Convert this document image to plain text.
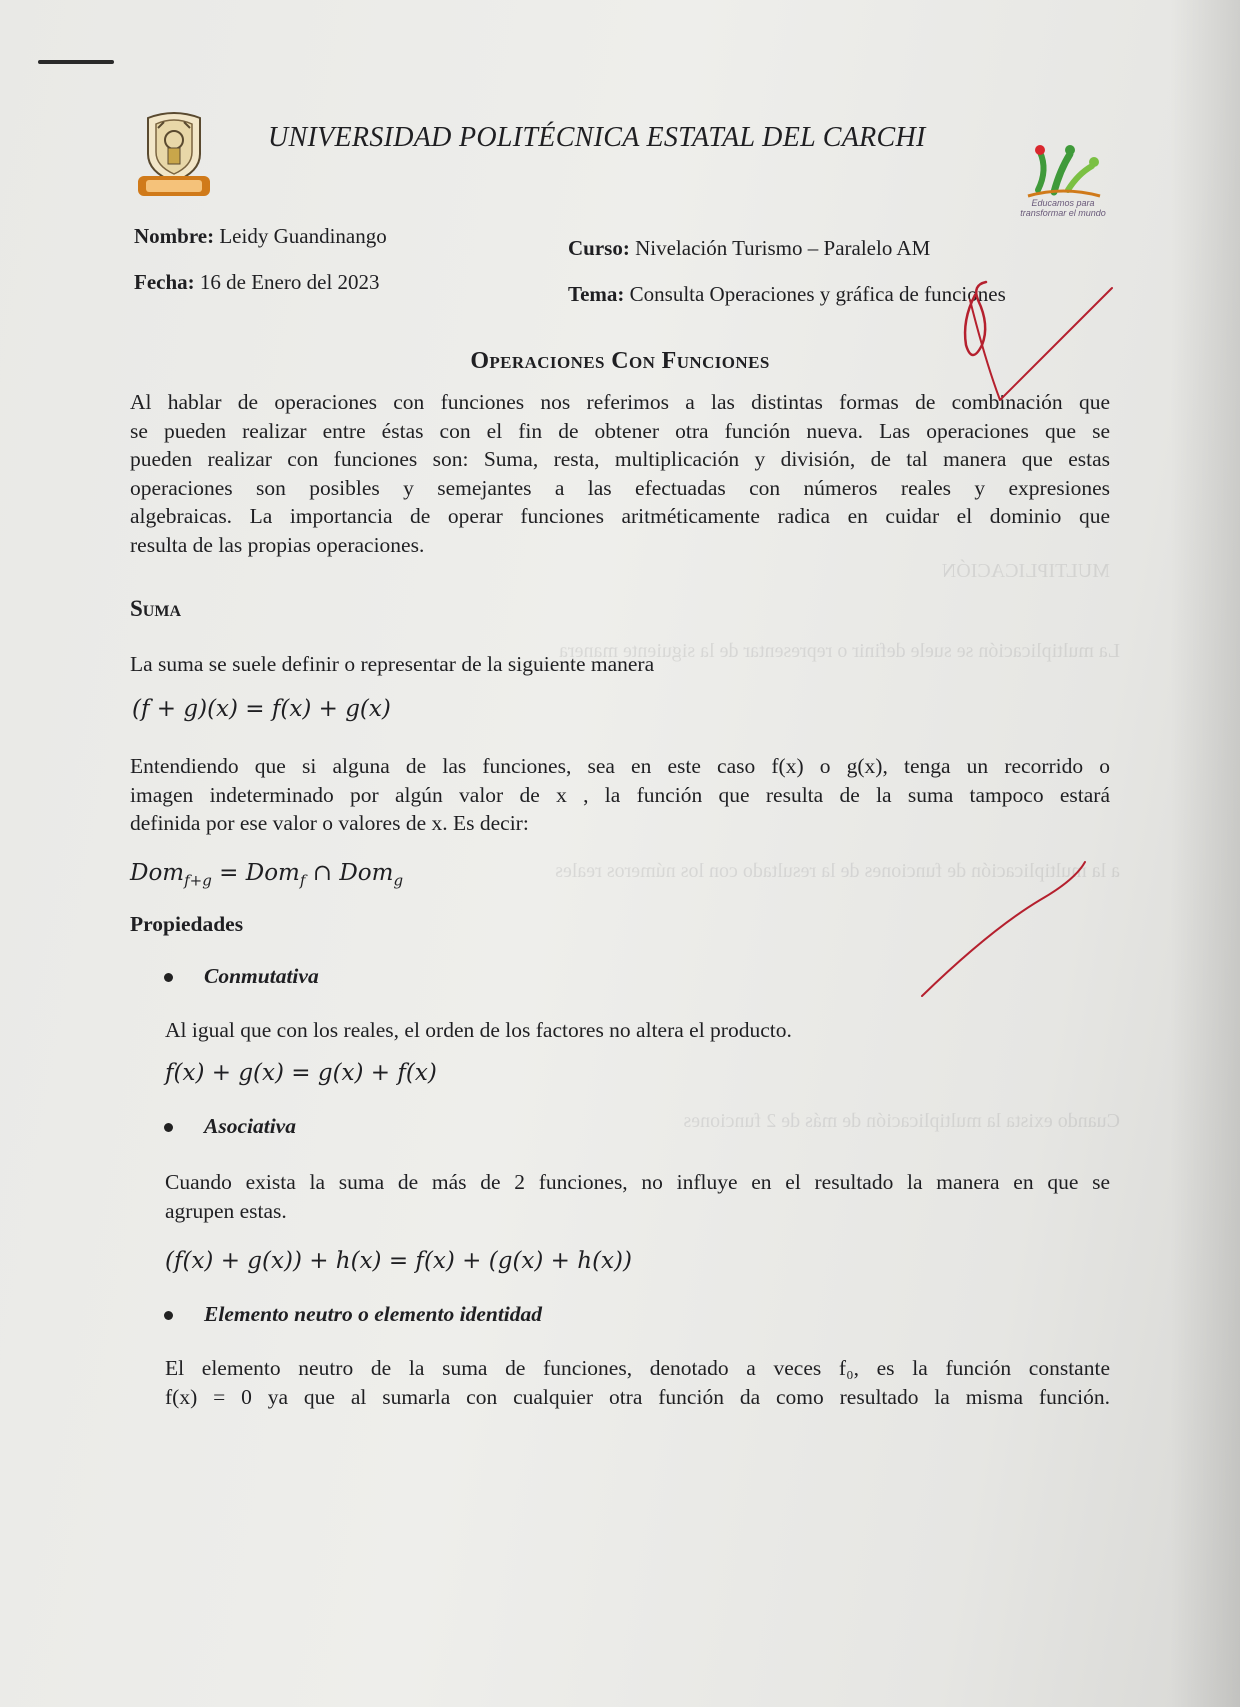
MULTIPLICACIÓN
La multiplicación se suele definir o representar de la siguiente manera
a la multiplicación de funciones de la resultado con los números reales
Cuando exista la multiplicación de más de 2 funciones
UNIVERSIDAD POLITÉCNICA ESTATAL DEL CARCHI
Educamos para transformar el mundo
Nombre: Leidy Guandinango
Fecha: 16 de Enero del 2023
Curso: Nivelación Turismo – Paralelo AM
Tema: Consulta Operaciones y gráfica de funciones
Operaciones Con Funciones
Al hablar de operaciones con funciones nos referimos a las distintas formas de combinación que
se pueden realizar entre éstas con el fin de obtener otra función nueva. Las operaciones que se
pueden realizar con funciones son: Suma, resta, multiplicación y división, de tal manera que estas
operaciones son posibles y semejantes a las efectuadas con números reales y expresiones
algebraicas. La importancia de operar funciones aritméticamente radica en cuidar el dominio que
resulta de las propias operaciones.
Suma
La suma se suele definir o representar de la siguiente manera
(f + g)(x) = f(x) + g(x)
Entendiendo que si alguna de las funciones, sea en este caso f(x) o g(x), tenga un recorrido o
imagen indeterminado por algún valor de x , la función que resulta de la suma tampoco estará
definida por ese valor o valores de x. Es decir:
Dom$_{f+g}$ = Dom$_f$ ∩ Dom$_g$
Propiedades
Conmutativa
Al igual que con los reales, el orden de los factores no altera el producto.
f(x) + g(x) = g(x) + f(x)
Asociativa
Cuando exista la suma de más de 2 funciones, no influye en el resultado la manera en que se
agrupen estas.
(f(x) + g(x)) + h(x) = f(x) + (g(x) + h(x))
Elemento neutro o elemento identidad
El elemento neutro de la suma de funciones, denotado a veces f₀, es la función constante
f(x) = 0 ya que al sumarla con cualquier otra función da como resultado la misma función.
